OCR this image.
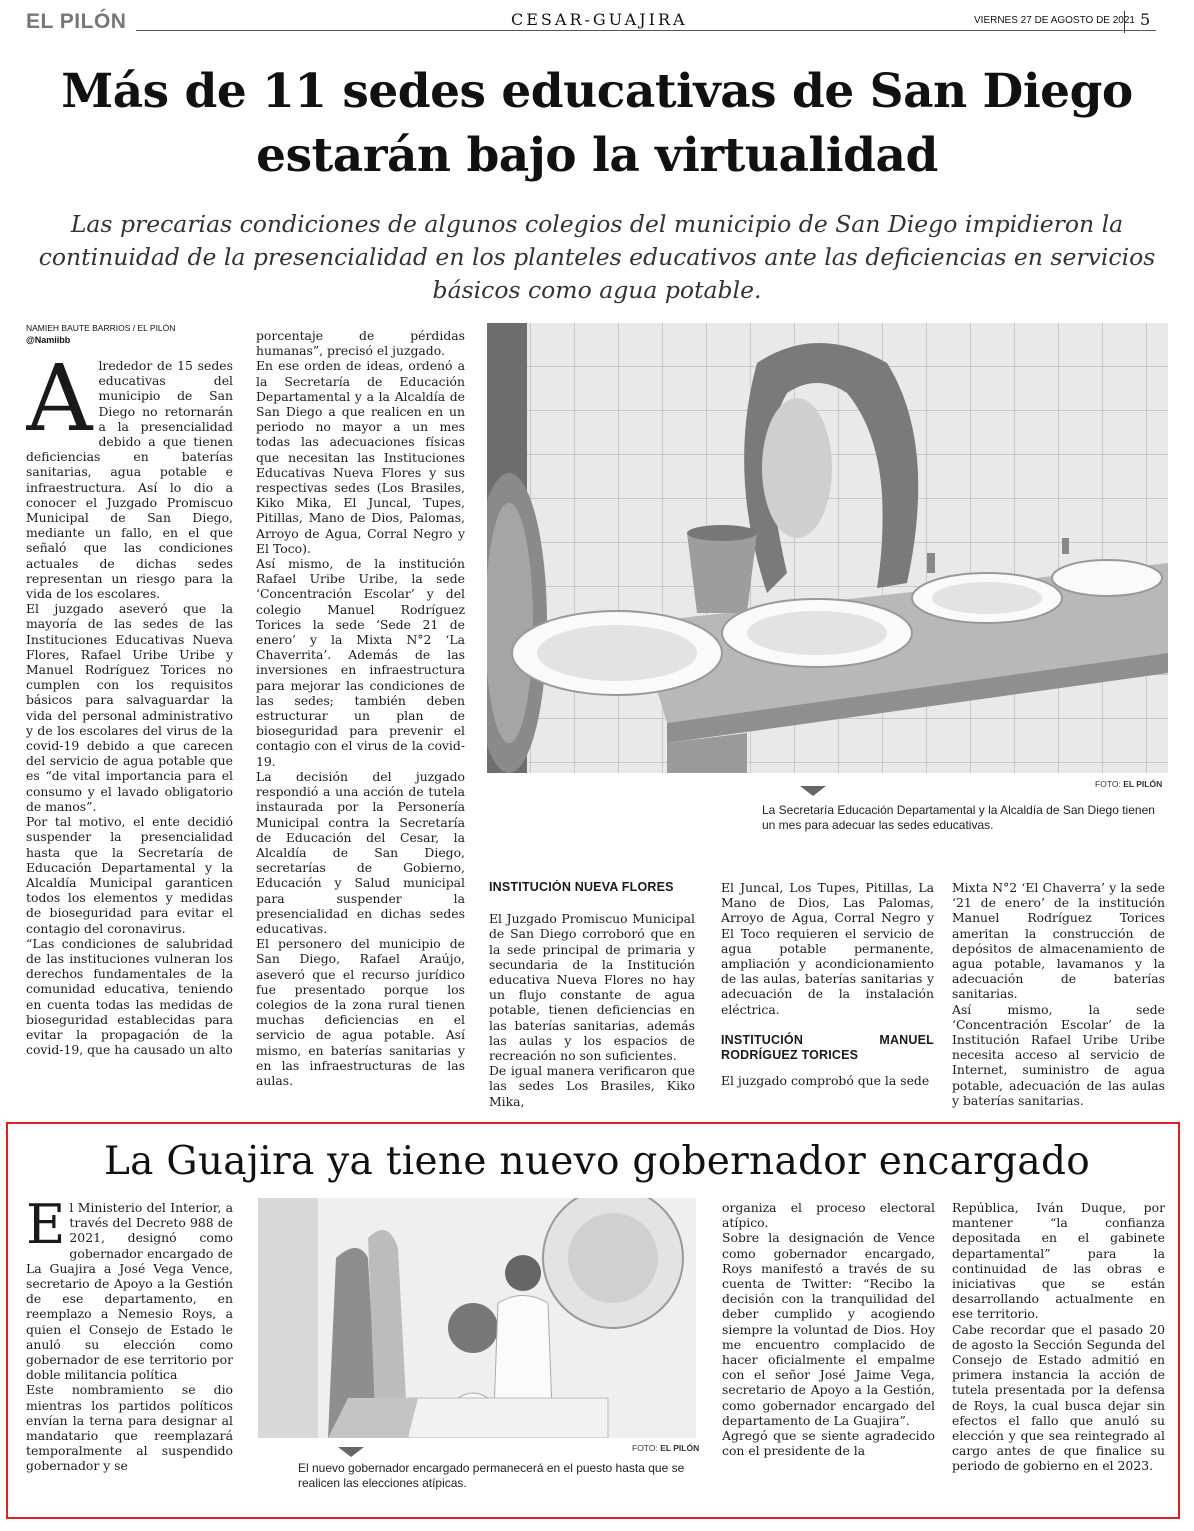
EL PILÓN	CESAR-GUAJIRA	VIERNES 27 DE AGOSTO DE 2021 5
Más de 11 sedes educativas de San Diego
estarán bajo la virtualidad
Las precarias condiciones de algunos colegios del municipio de San Diego impidieron la continuidad de la presencialidad en los planteles educativos ante las deficiencias en servicios básicos como agua potable.
NAMIEH BAUTE BARRIOS / EL PILÓN
@Namiibb
A lrededor de 15 sedes educativas del municipio de San Diego no retornarán a la presencialidad debido a que tienen deficiencias en baterías sanitarias, agua potable e infraestructura. Así lo dio a conocer el Juzgado Promiscuo Municipal de San Diego, mediante un fallo, en el que señaló que las condiciones actuales de dichas sedes representan un riesgo para la vida de los escolares.

El juzgado aseveró que la mayoría de las sedes de las Instituciones Educativas Nueva Flores, Rafael Uribe Uribe y Manuel Rodríguez Torices no cumplen con los requisitos básicos para salvaguardar la vida del personal administrativo y de los escolares del virus de la covid-19 debido a que carecen del servicio de agua potable que es “de vital importancia para el consumo y el lavado obligatorio de manos”.

Por tal motivo, el ente decidió suspender la presencialidad hasta que la Secretaría de Educación Departamental y la Alcaldía Municipal garanticen todos los elementos y medidas de bioseguridad para evitar el contagio del coronavirus.

“Las condiciones de salubridad de las instituciones vulneran los derechos fundamentales de la comunidad educativa, teniendo en cuenta todas las medidas de bioseguridad establecidas para evitar la propagación de la covid-19, que ha causado un alto

porcentaje de pérdidas humanas”, precisó el juzgado.

En ese orden de ideas, ordenó a la Secretaría de Educación Departamental y a la Alcaldía de San Diego a que realicen en un periodo no mayor a un mes todas las adecuaciones físicas que necesitan las Instituciones Educativas Nueva Flores y sus respectivas sedes (Los Brasiles, Kiko Mika, El Juncal, Tupes, Pitillas, Mano de Dios, Palomas, Arroyo de Agua, Corral Negro y El Toco).

Así mismo, de la institución Rafael Uribe Uribe, la sede ‘Concentración Escolar’ y del colegio Manuel Rodríguez Torices la sede ‘Sede 21 de enero’ y la Mixta N°2 ‘La Chaverrita’. Además de las inversiones en infraestructura para mejorar las condiciones de las sedes; también deben estructurar un plan de bioseguridad para prevenir el contagio con el virus de la covid-19.

La decisión del juzgado respondió a una acción de tutela instaurada por la Personería Municipal contra la Secretaría de Educación del Cesar, la Alcaldía de San Diego, secretarías de Gobierno, Educación y Salud municipal para suspender la presencialidad en dichas sedes educativas.

El personero del municipio de San Diego, Rafael Araújo, aseveró que el recurso jurídico fue presentado porque los colegios de la zona rural tienen muchas deficiencias en el servicio de agua potable. Así mismo, en baterías sanitarias y en las infraestructuras de las aulas.

FOTO: EL PILÓN
La Secretaría Educación Departamental y la Alcaldía de San Diego tienen un mes para adecuar las sedes educativas.

INSTITUCIÓN NUEVA FLORES

El Juzgado Promiscuo Municipal de San Diego corroboró que en la sede principal de primaria y secundaria de la Institución educativa Nueva Flores no hay un flujo constante de agua potable, tienen deficiencias en las baterías sanitarias, además las aulas y los espacios de recreación no son suficientes.

De igual manera verificaron que las sedes Los Brasiles, Kiko Mika,

El Juncal, Los Tupes, Pitillas, La Mano de Dios, Las Palomas, Arroyo de Agua, Corral Negro y El Toco requieren el servicio de agua potable permanente, ampliación y acondicionamiento de las aulas, baterías sanitarias y adecuación de la instalación eléctrica.

INSTITUCIÓN MANUEL RODRÍGUEZ TORICES

El juzgado comprobó que la sede

Mixta N°2 ‘El Chaverra’ y la sede ‘21 de enero’ de la institución Manuel Rodríguez Torices ameritan la construcción de depósitos de almacenamiento de agua potable, lavamanos y la adecuación de baterías sanitarias.

Así mismo, la sede ‘Concentración Escolar’ de la Institución Rafael Uribe Uribe necesita acceso al servicio de Internet, suministro de agua potable, adecuación de las aulas y baterías sanitarias.

La Guajira ya tiene nuevo gobernador encargado
E l Ministerio del Interior, a través del Decreto 988 de 2021, designó como gobernador encargado de La Guajira a José Vega Vence, secretario de Apoyo a la Gestión de ese departamento, en reemplazo a Nemesio Roys, a quien el Consejo de Estado le anuló su elección como gobernador de ese territorio por doble militancia política

Este nombramiento se dio mientras los partidos políticos envían la terna para designar al mandatario que reemplazará temporalmente al suspendido gobernador y se

FOTO: EL PILÓN
El nuevo gobernador encargado permanecerá en el puesto hasta que se realicen las elecciones atípicas.

organiza el proceso electoral atípico.

Sobre la designación de Vence como gobernador encargado, Roys manifestó a través de su cuenta de Twitter: “Recibo la decisión con la tranquilidad del deber cumplido y acogiendo siempre la voluntad de Dios. Hoy me encuentro complacido de hacer oficialmente el empalme con el señor José Jaime Vega, secretario de Apoyo a la Gestión, como gobernador encargado del departamento de La Guajira”.

Agregó que se siente agradecido con el presidente de la

República, Iván Duque, por mantener “la confianza depositada en el gabinete departamental” para la continuidad de las obras e iniciativas que se están desarrollando actualmente en ese territorio.

Cabe recordar que el pasado 20 de agosto la Sección Segunda del Consejo de Estado admitió en primera instancia la acción de tutela presentada por la defensa de Roys, la cual busca dejar sin efectos el fallo que anuló su elección y que sea reintegrado al cargo antes de que finalice su periodo de gobierno en el 2023.
